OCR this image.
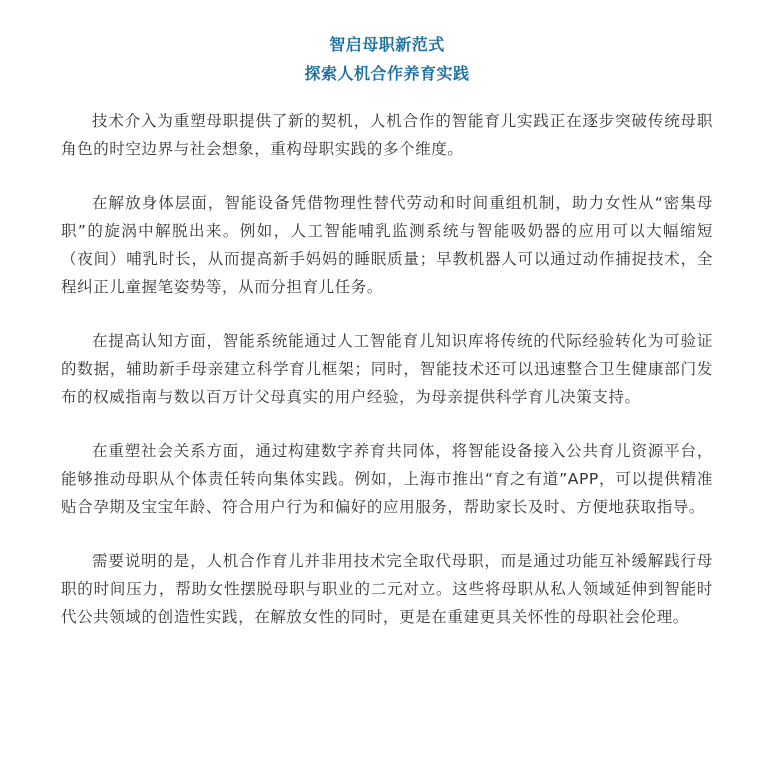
智启母职新范式
探索人机合作养育实践

技术介入为重塑母职提供了新的契机，人机合作的智能育儿实践正在逐步突破传统母职角色的时空边界与社会想象，重构母职实践的多个维度。

在解放身体层面，智能设备凭借物理性替代劳动和时间重组机制，助力女性从“密集母职”的旋涡中解脱出来。例如，人工智能哺乳监测系统与智能吸奶器的应用可以大幅缩短（夜间）哺乳时长，从而提高新手妈妈的睡眠质量；早教机器人可以通过动作捕捉技术，全程纠正儿童握笔姿势等，从而分担育儿任务。

在提高认知方面，智能系统能通过人工智能育儿知识库将传统的代际经验转化为可验证的数据，辅助新手母亲建立科学育儿框架；同时，智能技术还可以迅速整合卫生健康部门发布的权威指南与数以百万计父母真实的用户经验，为母亲提供科学育儿决策支持。

在重塑社会关系方面，通过构建数字养育共同体，将智能设备接入公共育儿资源平台，能够推动母职从个体责任转向集体实践。例如，上海市推出“育之有道”APP，可以提供精准贴合孕期及宝宝年龄、符合用户行为和偏好的应用服务，帮助家长及时、方便地获取指导。

需要说明的是，人机合作育儿并非用技术完全取代母职，而是通过功能互补缓解践行母职的时间压力，帮助女性摆脱母职与职业的二元对立。这些将母职从私人领域延伸到智能时代公共领域的创造性实践，在解放女性的同时，更是在重建更具关怀性的母职社会伦理。
